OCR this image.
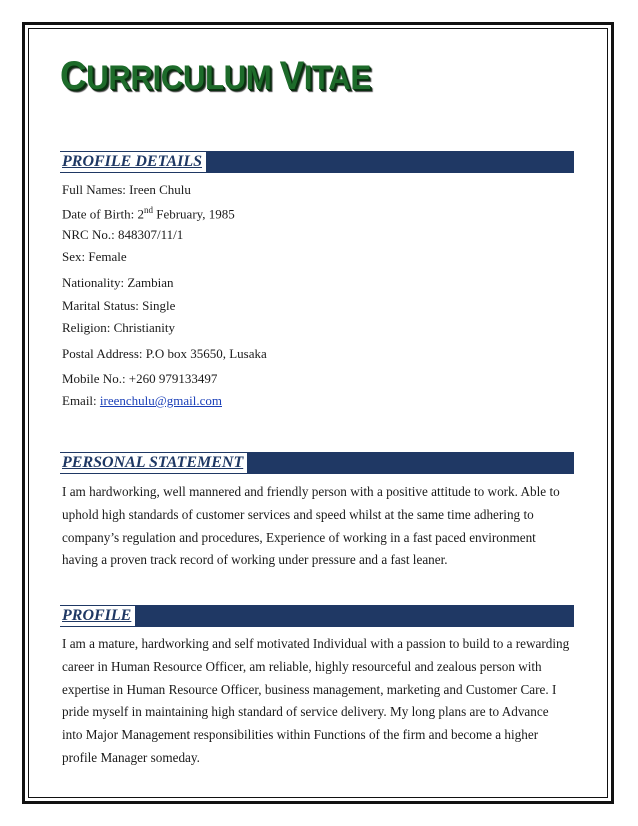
CURRICULUM VITAE
PROFILE DETAILS
Full Names: Ireen Chulu
Date of Birth: 2nd February, 1985
NRC No.: 848307/11/1
Sex: Female
Nationality: Zambian
Marital Status: Single
Religion: Christianity
Postal Address: P.O box 35650, Lusaka
Mobile No.: +260 979133497
Email: ireenchulu@gmail.com
PERSONAL STATEMENT

I am hardworking, well mannered and friendly person with a positive attitude to work. Able to uphold high standards of customer services and speed whilst at the same time adhering to company’s regulation and procedures, Experience of working in a fast paced environment having a proven track record of working under pressure and a fast leaner.

PROFILE

I am a mature, hardworking and self motivated Individual with a passion to build to a rewarding career in Human Resource Officer, am reliable, highly resourceful and zealous person with expertise in Human Resource Officer, business management, marketing and Customer Care. I pride myself in maintaining high standard of service delivery. My long plans are to Advance into Major Management responsibilities within Functions of the firm and become a higher profile Manager someday.
